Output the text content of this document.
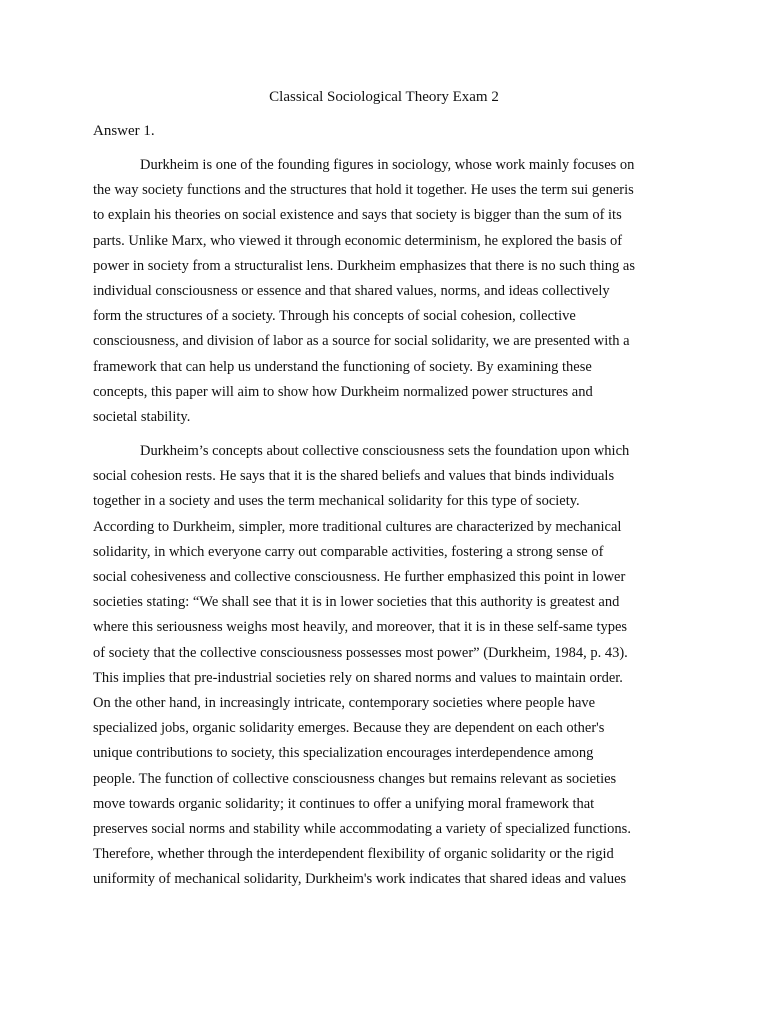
Classical Sociological Theory Exam 2
Answer 1.

Durkheim is one of the founding figures in sociology, whose work mainly focuses on
the way society functions and the structures that hold it together. He uses the term sui generis
to explain his theories on social existence and says that society is bigger than the sum of its
parts. Unlike Marx, who viewed it through economic determinism, he explored the basis of
power in society from a structuralist lens. Durkheim emphasizes that there is no such thing as
individual consciousness or essence and that shared values, norms, and ideas collectively
form the structures of a society. Through his concepts of social cohesion, collective
consciousness, and division of labor as a source for social solidarity, we are presented with a
framework that can help us understand the functioning of society. By examining these
concepts, this paper will aim to show how Durkheim normalized power structures and
societal stability.

Durkheim’s concepts about collective consciousness sets the foundation upon which
social cohesion rests. He says that it is the shared beliefs and values that binds individuals
together in a society and uses the term mechanical solidarity for this type of society.
According to Durkheim, simpler, more traditional cultures are characterized by mechanical
solidarity, in which everyone carry out comparable activities, fostering a strong sense of
social cohesiveness and collective consciousness. He further emphasized this point in lower
societies stating: “We shall see that it is in lower societies that this authority is greatest and
where this seriousness weighs most heavily, and moreover, that it is in these self-same types
of society that the collective consciousness possesses most power” (Durkheim, 1984, p. 43).
This implies that pre-industrial societies rely on shared norms and values to maintain order.
On the other hand, in increasingly intricate, contemporary societies where people have
specialized jobs, organic solidarity emerges. Because they are dependent on each other's
unique contributions to society, this specialization encourages interdependence among
people. The function of collective consciousness changes but remains relevant as societies
move towards organic solidarity; it continues to offer a unifying moral framework that
preserves social norms and stability while accommodating a variety of specialized functions.
Therefore, whether through the interdependent flexibility of organic solidarity or the rigid
uniformity of mechanical solidarity, Durkheim's work indicates that shared ideas and values
